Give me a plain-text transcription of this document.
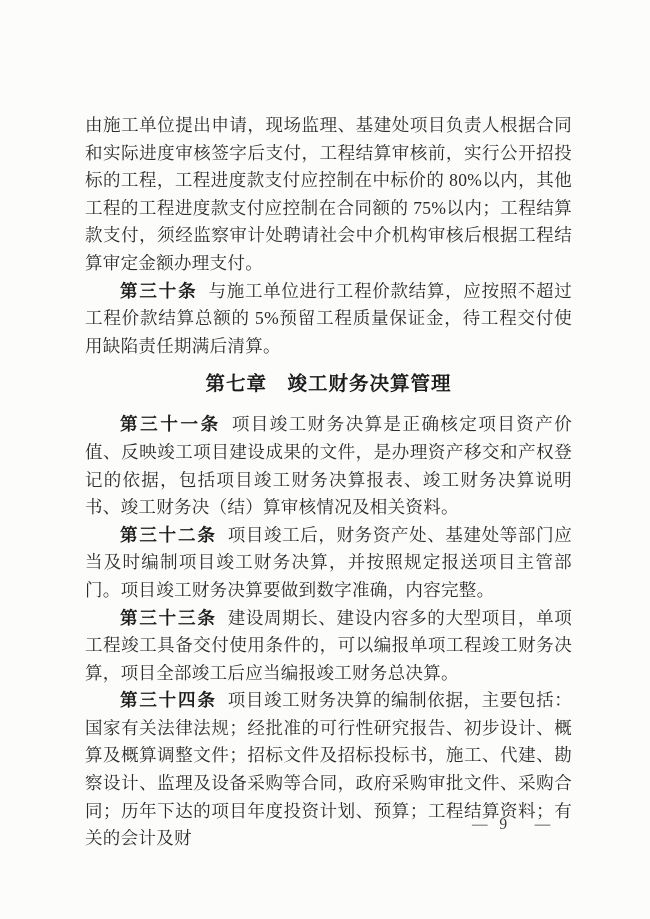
由施工单位提出申请，现场监理、基建处项目负责人根据合同和实际进度审核签字后支付，工程结算审核前，实行公开招投标的工程，工程进度款支付应控制在中标价的 80%以内，其他工程的工程进度款支付应控制在合同额的 75%以内；工程结算款支付，须经监察审计处聘请社会中介机构审核后根据工程结算审定金额办理支付。

第三十条 与施工单位进行工程价款结算，应按照不超过工程价款结算总额的 5%预留工程质量保证金，待工程交付使用缺陷责任期满后清算。

第七章　竣工财务决算管理

第三十一条 项目竣工财务决算是正确核定项目资产价值、反映竣工项目建设成果的文件，是办理资产移交和产权登记的依据，包括项目竣工财务决算报表、竣工财务决算说明书、竣工财务决（结）算审核情况及相关资料。

第三十二条 项目竣工后，财务资产处、基建处等部门应当及时编制项目竣工财务决算，并按照规定报送项目主管部门。项目竣工财务决算要做到数字准确，内容完整。

第三十三条 建设周期长、建设内容多的大型项目，单项工程竣工具备交付使用条件的，可以编报单项工程竣工财务决算，项目全部竣工后应当编报竣工财务总决算。

第三十四条 项目竣工财务决算的编制依据，主要包括：国家有关法律法规；经批准的可行性研究报告、初步设计、概算及概算调整文件；招标文件及招标投标书，施工、代建、勘察设计、监理及设备采购等合同，政府采购审批文件、采购合同；历年下达的项目年度投资计划、预算；工程结算资料；有关的会计及财

— 9   —
